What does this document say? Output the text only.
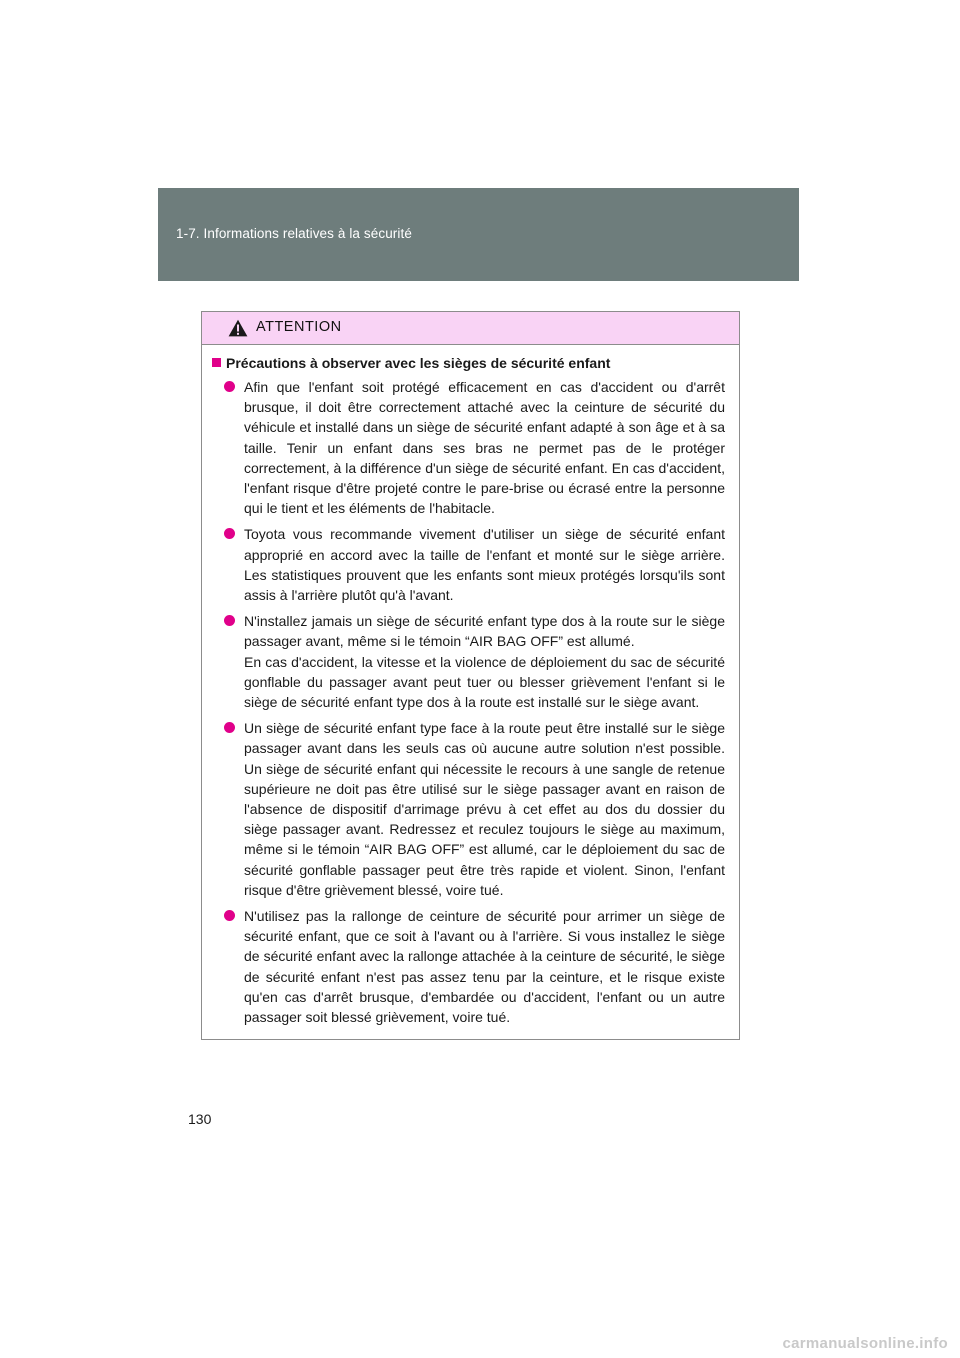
1-7. Informations relatives à la sécurité
ATTENTION
Précautions à observer avec les sièges de sécurité enfant

Afin que l'enfant soit protégé efficacement en cas d'accident ou d'arrêt brusque, il doit être correctement attaché avec la ceinture de sécurité du véhicule et installé dans un siège de sécurité enfant adapté à son âge et à sa taille. Tenir un enfant dans ses bras ne permet pas de le protéger correctement, à la différence d'un siège de sécurité enfant. En cas d'accident, l'enfant risque d'être projeté contre le pare-brise ou écrasé entre la personne qui le tient et les éléments de l'habitacle.

Toyota vous recommande vivement d'utiliser un siège de sécurité enfant approprié en accord avec la taille de l'enfant et monté sur le siège arrière. Les statistiques prouvent que les enfants sont mieux protégés lorsqu'ils sont assis à l'arrière plutôt qu'à l'avant.

N'installez jamais un siège de sécurité enfant type dos à la route sur le siège passager avant, même si le témoin “AIR BAG OFF” est allumé.

En cas d'accident, la vitesse et la violence de déploiement du sac de sécurité gonflable du passager avant peut tuer ou blesser grièvement l'enfant si le siège de sécurité enfant type dos à la route est installé sur le siège avant.

Un siège de sécurité enfant type face à la route peut être installé sur le siège passager avant dans les seuls cas où aucune autre solution n'est possible. Un siège de sécurité enfant qui nécessite le recours à une sangle de retenue supérieure ne doit pas être utilisé sur le siège passager avant en raison de l'absence de dispositif d'arrimage prévu à cet effet au dos du dossier du siège passager avant. Redressez et reculez toujours le siège au maximum, même si le témoin “AIR BAG OFF” est allumé, car le déploiement du sac de sécurité gonflable passager peut être très rapide et violent. Sinon, l'enfant risque d'être grièvement blessé, voire tué.

N'utilisez pas la rallonge de ceinture de sécurité pour arrimer un siège de sécurité enfant, que ce soit à l'avant ou à l'arrière. Si vous installez le siège de sécurité enfant avec la rallonge attachée à la ceinture de sécurité, le siège de sécurité enfant n'est pas assez tenu par la ceinture, et le risque existe qu'en cas d'arrêt brusque, d'embardée ou d'accident, l'enfant ou un autre passager soit blessé grièvement, voire tué.

130
carmanualsonline.info
